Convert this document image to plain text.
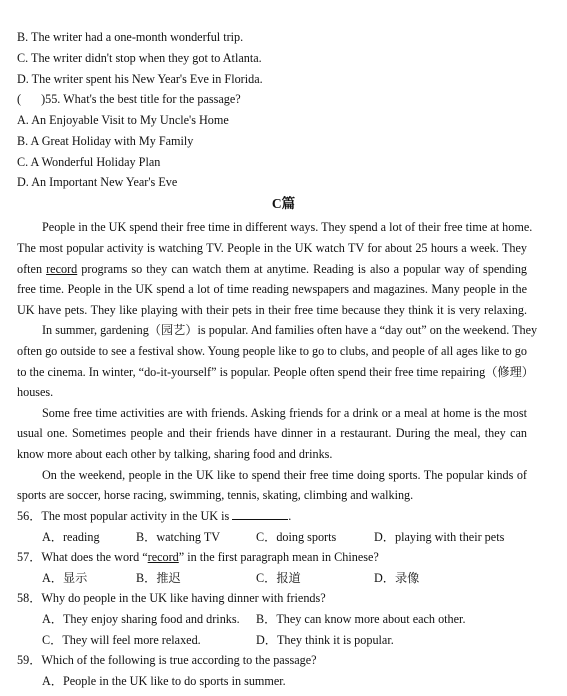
B. The writer had a one-month wonderful trip.
C. The writer didn't stop when they got to Atlanta.
D. The writer spent his New Year's Eve in Florida.
( )55. What's the best title for the passage?
A. An Enjoyable Visit to My Uncle's Home
B. A Great Holiday with My Family
C. A Wonderful Holiday Plan
D. An Important New Year's Eve
C篇
People in the UK spend their free time in different ways. They spend a lot of their free time at home.
The most popular activity is watching TV. People in the UK watch TV for about 25 hours a week. They
often record programs so they can watch them at anytime. Reading is also a popular way of spending
free time. People in the UK spend a lot of time reading newspapers and magazines. Many people in the
UK have pets. They like playing with their pets in their free time because they think it is very relaxing.
In summer, gardening（园艺）is popular. And families often have a “day out” on the weekend. They
often go outside to see a festival show. Young people like to go to clubs, and people of all ages like to go
to the cinema. In winter, “do-it-yourself” is popular. People often spend their free time repairing（修理）
houses.
Some free time activities are with friends. Asking friends for a drink or a meal at home is the most
usual one. Sometimes people and their friends have dinner in a restaurant. During the meal, they can
know more about each other by talking, sharing food and drinks.
On the weekend, people in the UK like to spend their free time doing sports. The popular kinds of
sports are soccer, horse racing, swimming, tennis, skating, climbing and walking.
56．The most popular activity in the UK is	.
A．reading	B．watching TV	C．doing sports	D．playing with their pets
57．What does the word “record” in the first paragraph mean in Chinese?
A．显示	B．推迟	C．报道	D．录像
58．Why do people in the UK like having dinner with friends?
A．They enjoy sharing food and drinks. B．They can know more about each other.
C．They will feel more relaxed.	D．They think it is popular.
59．Which of the following is true according to the passage?
A．People in the UK like to do sports in summer.
